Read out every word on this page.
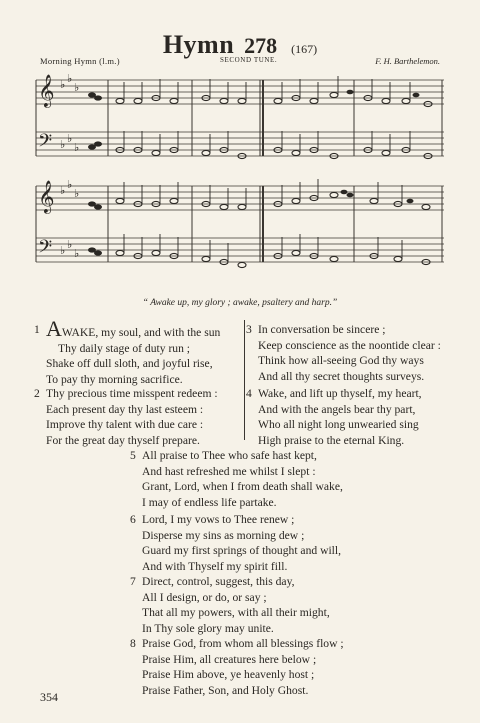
Hymn 278 (167)
Morning Hymn (l.m.)	SECOND TUNE.	F. H. Barthelemon.
𝄞
𝄢
♭ ♭
♭
♭ ♭
♭
𝄞
𝄢
♭ ♭
♭
♭ ♭
♭
“ Awake up, my glory ; awake, psaltery and harp.”
1 AWAKE, my soul, and with the sun
Thy daily stage of duty run ;
Shake off dull sloth, and joyful rise,
To pay thy morning sacrifice.
2 Thy precious time misspent redeem :
Each present day thy last esteem :
Improve thy talent with due care :
For the great day thyself prepare.
3 In conversation be sincere ;
Keep conscience as the noontide clear :
Think how all-seeing God thy ways
And all thy secret thoughts surveys.
4 Wake, and lift up thyself, my heart,
And with the angels bear thy part,
Who all night long unwearied sing
High praise to the eternal King.
5 All praise to Thee who safe hast kept,
And hast refreshed me whilst I slept :
Grant, Lord, when I from death shall wake,
I may of endless life partake.
6 Lord, I my vows to Thee renew ;
Disperse my sins as morning dew ;
Guard my first springs of thought and will,
And with Thyself my spirit fill.
7 Direct, control, suggest, this day,
All I design, or do, or say ;
That all my powers, with all their might,
In Thy sole glory may unite.
8 Praise God, from whom all blessings flow ;
Praise Him, all creatures here below ;
Praise Him above, ye heavenly host ;
Praise Father, Son, and Holy Ghost.
354
